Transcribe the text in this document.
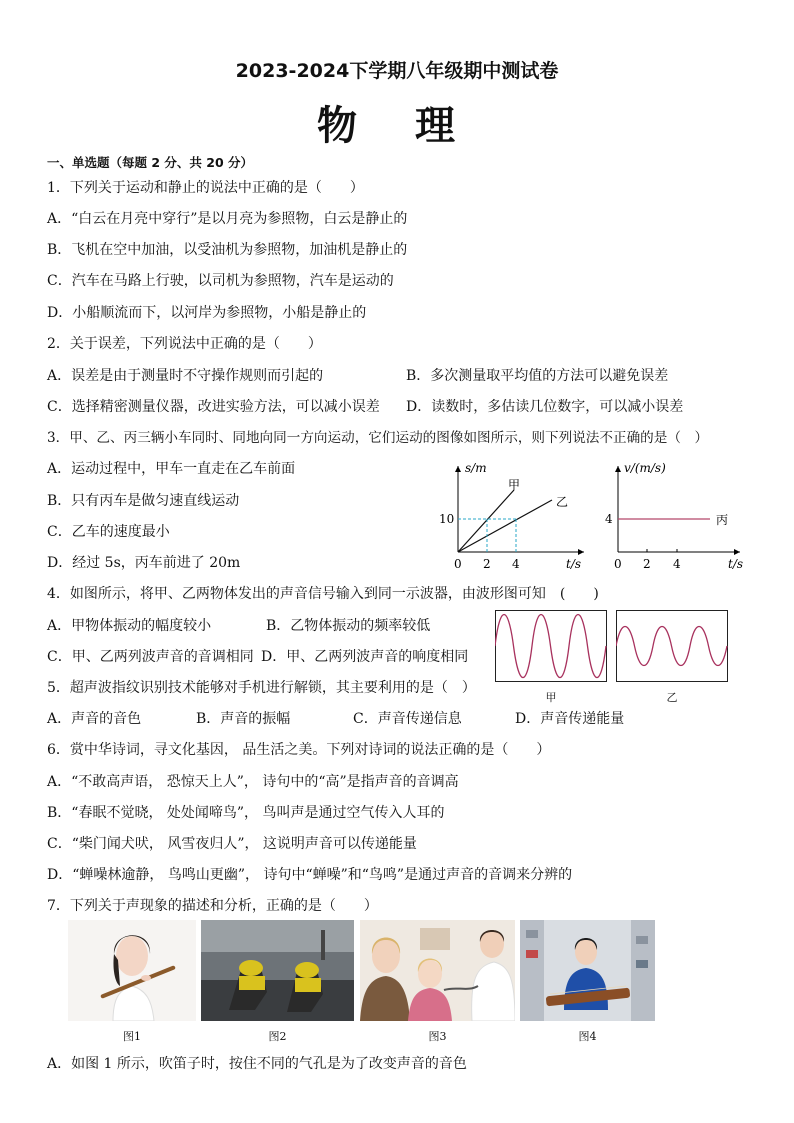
2023-2024下学期八年级期中测试卷
物 理
一、单选题（每题 2 分、共 20 分）
1．下列关于运动和静止的说法中正确的是（　　）
A．“白云在月亮中穿行”是以月亮为参照物，白云是静止的
B．飞机在空中加油，以受油机为参照物，加油机是静止的
C．汽车在马路上行驶，以司机为参照物，汽车是运动的
D．小船顺流而下，以河岸为参照物，小船是静止的
2．关于误差，下列说法中正确的是（　　）
A．误差是由于测量时不守操作规则而引起的	B．多次测量取平均值的方法可以避免误差
C．选择精密测量仪器，改进实验方法，可以减小误差 D．读数时，多估读几位数字，可以减小误差
3．甲、乙、丙三辆小车同时、同地向同一方向运动，它们运动的图像如图所示，则下列说法不正确的是（　）
A．运动过程中，甲车一直走在乙车前面
B．只有丙车是做匀速直线运动
C．乙车的速度最小
D．经过 5s，丙车前进了 20m
s/m
甲
乙
10
0 2 4	t/s
v/(m/s)
4	丙
0 2 4	t/s
4．如图所示，将甲、乙两物体发出的声音信号输入到同一示波器，由波形图可知　(　　)
A．甲物体振动的幅度较小	B．乙物体振动的频率较低
C．甲、乙两列波声音的音调相同 D．甲、乙两列波声音的响度相同
甲	乙
5．超声波指纹识别技术能够对手机进行解锁，其主要利用的是（　）
A．声音的音色	B．声音的振幅	C．声音传递信息	D．声音传递能量
6．赏中华诗词，寻文化基因， 品生活之美。下列对诗词的说法正确的是（　　）
A．“不敢高声语， 恐惊天上人”， 诗句中的“高”是指声音的音调高
B．“春眠不觉晓， 处处闻啼鸟”， 鸟叫声是通过空气传入人耳的
C．“柴门闻犬吠， 风雪夜归人”， 这说明声音可以传递能量
D．“蝉噪林逾静， 鸟鸣山更幽”， 诗句中“蝉噪”和“鸟鸣”是通过声音的音调来分辨的
7．下列关于声现象的描述和分析，正确的是（　　）
图1	图2	图3	图4
A．如图 1 所示，吹笛子时，按住不同的气孔是为了改变声音的音色
